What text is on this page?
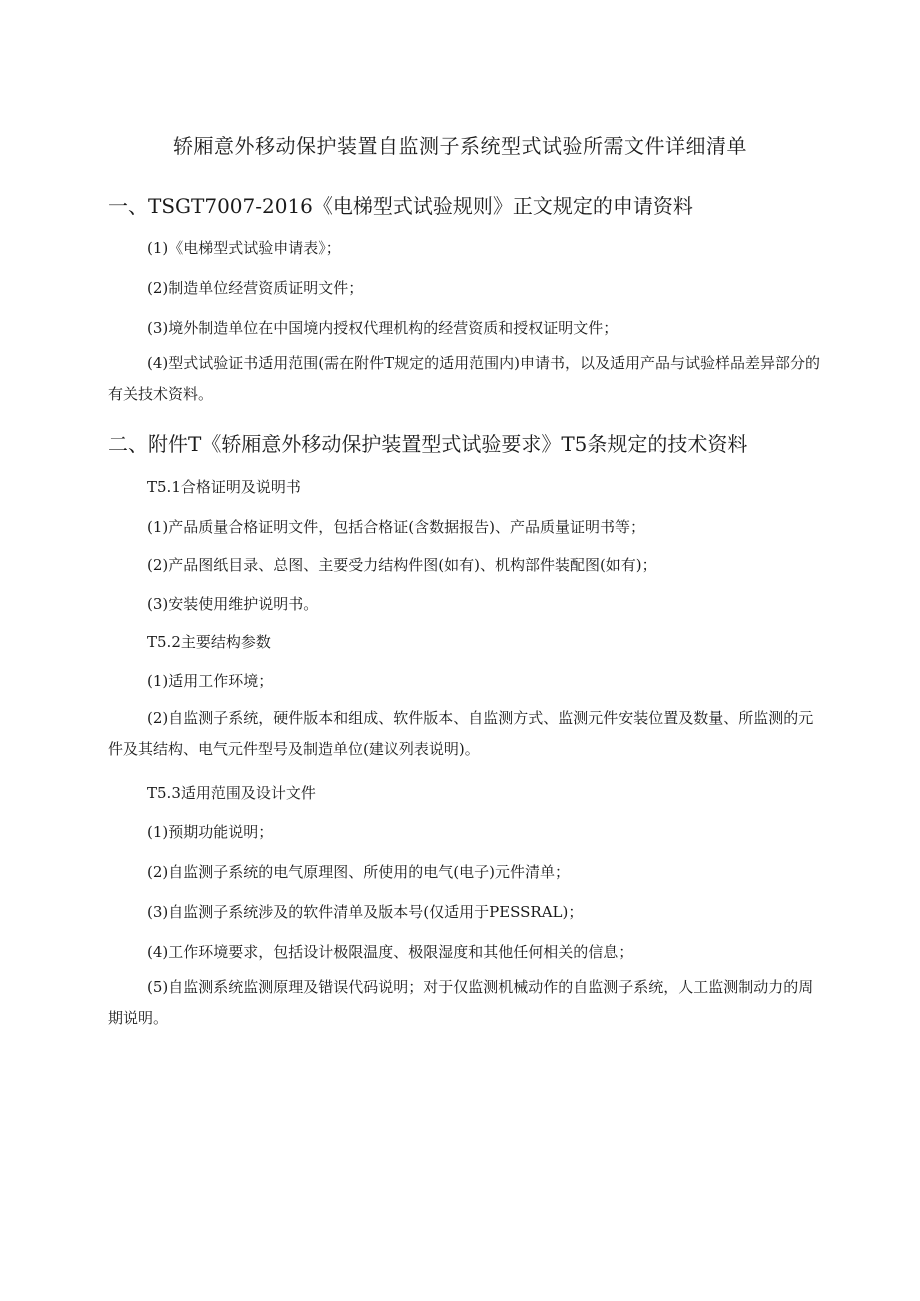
轿厢意外移动保护装置自监测子系统型式试验所需文件详细清单
一、TSGT7007-2016《电梯型式试验规则》正文规定的申请资料
(1)《电梯型式试验申请表》；
(2)制造单位经营资质证明文件；
(3)境外制造单位在中国境内授权代理机构的经营资质和授权证明文件；
(4)型式试验证书适用范围(需在附件T规定的适用范围内)申请书，以及适用产品与试验样品差异部分的有关技术资料。
二、附件T《轿厢意外移动保护装置型式试验要求》T5条规定的技术资料
T5.1合格证明及说明书
(1)产品质量合格证明文件，包括合格证(含数据报告)、产品质量证明书等；
(2)产品图纸目录、总图、主要受力结构件图(如有)、机构部件装配图(如有)；
(3)安装使用维护说明书。
T5.2主要结构参数
(1)适用工作环境；
(2)自监测子系统，硬件版本和组成、软件版本、自监测方式、监测元件安装位置及数量、所监测的元件及其结构、电气元件型号及制造单位(建议列表说明)。
T5.3适用范围及设计文件
(1)预期功能说明；
(2)自监测子系统的电气原理图、所使用的电气(电子)元件清单；
(3)自监测子系统涉及的软件清单及版本号(仅适用于PESSRAL)；
(4)工作环境要求，包括设计极限温度、极限湿度和其他任何相关的信息；
(5)自监测系统监测原理及错误代码说明；对于仅监测机械动作的自监测子系统，人工监测制动力的周期说明。
